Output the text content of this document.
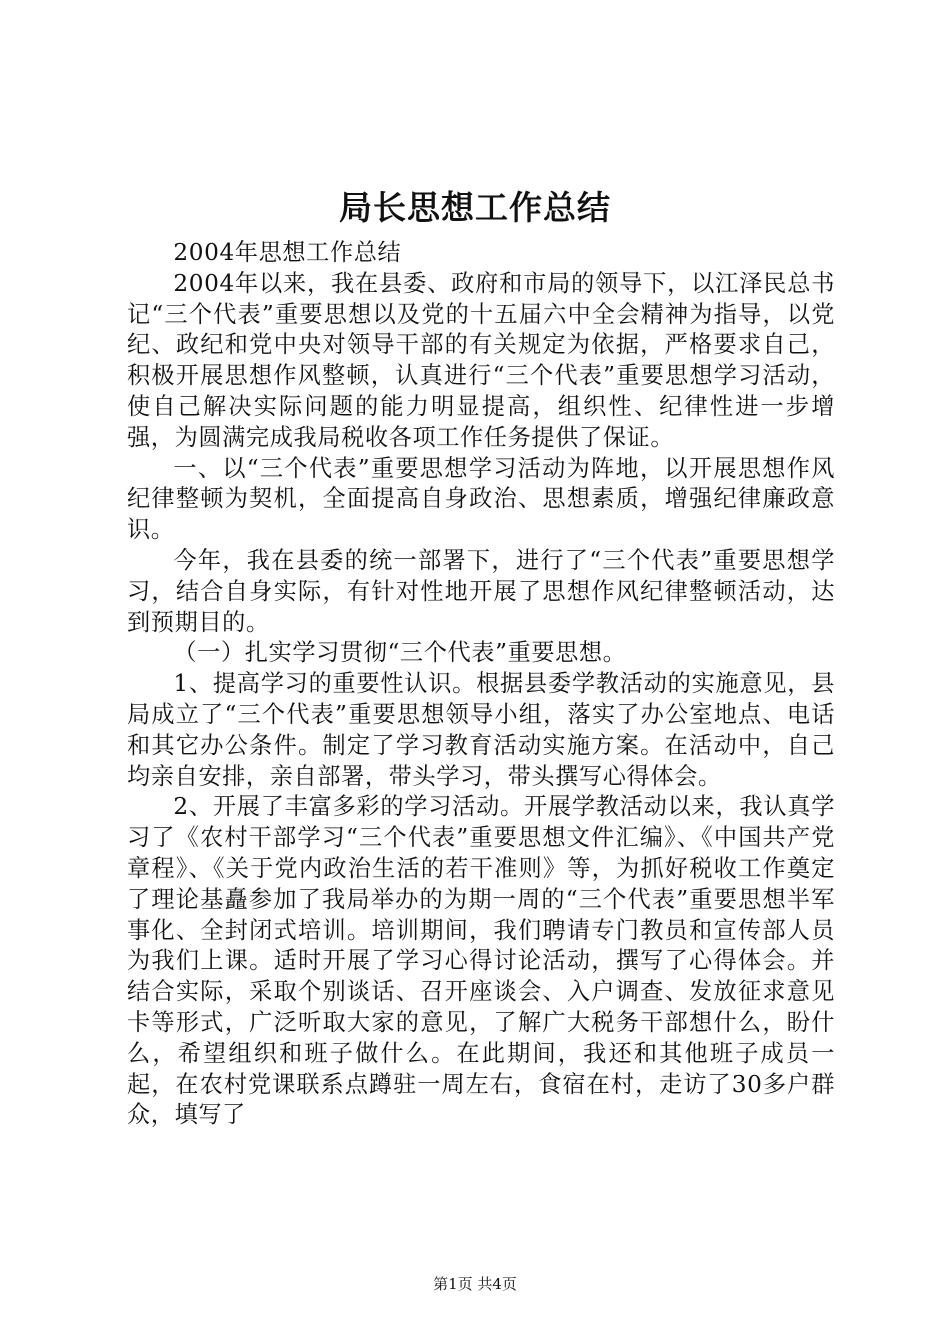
局长思想工作总结

2004年思想工作总结

2004年以来，我在县委、政府和市局的领导下，以江泽民总书记“三个代表”重要思想以及党的十五届六中全会精神为指导，以党纪、政纪和党中央对领导干部的有关规定为依据，严格要求自己，积极开展思想作风整顿，认真进行“三个代表”重要思想学习活动，使自己解决实际问题的能力明显提高，组织性、纪律性进一步增强，为圆满完成我局税收各项工作任务提供了保证。

一、以“三个代表”重要思想学习活动为阵地，以开展思想作风纪律整顿为契机，全面提高自身政治、思想素质，增强纪律廉政意识。

今年，我在县委的统一部署下，进行了“三个代表”重要思想学习，结合自身实际，有针对性地开展了思想作风纪律整顿活动，达到预期目的。

（一）扎实学习贯彻“三个代表”重要思想。

1、提高学习的重要性认识。根据县委学教活动的实施意见，县局成立了“三个代表”重要思想领导小组，落实了办公室地点、电话和其它办公条件。制定了学习教育活动实施方案。在活动中，自己均亲自安排，亲自部署，带头学习，带头撰写心得体会。

2、开展了丰富多彩的学习活动。开展学教活动以来，我认真学习了《农村干部学习“三个代表”重要思想文件汇编》、《中国共产党章程》、《关于党内政治生活的若干准则》等，为抓好税收工作奠定了理论基矗参加了我局举办的为期一周的“三个代表”重要思想半军事化、全封闭式培训。培训期间，我们聘请专门教员和宣传部人员为我们上课。适时开展了学习心得讨论活动，撰写了心得体会。并结合实际，采取个别谈话、召开座谈会、入户调查、发放征求意见卡等形式，广泛听取大家的意见，了解广大税务干部想什么，盼什么，希望组织和班子做什么。在此期间，我还和其他班子成员一起，在农村党课联系点蹲驻一周左右，食宿在村，走访了30多户群众，填写了

第1页 共4页
